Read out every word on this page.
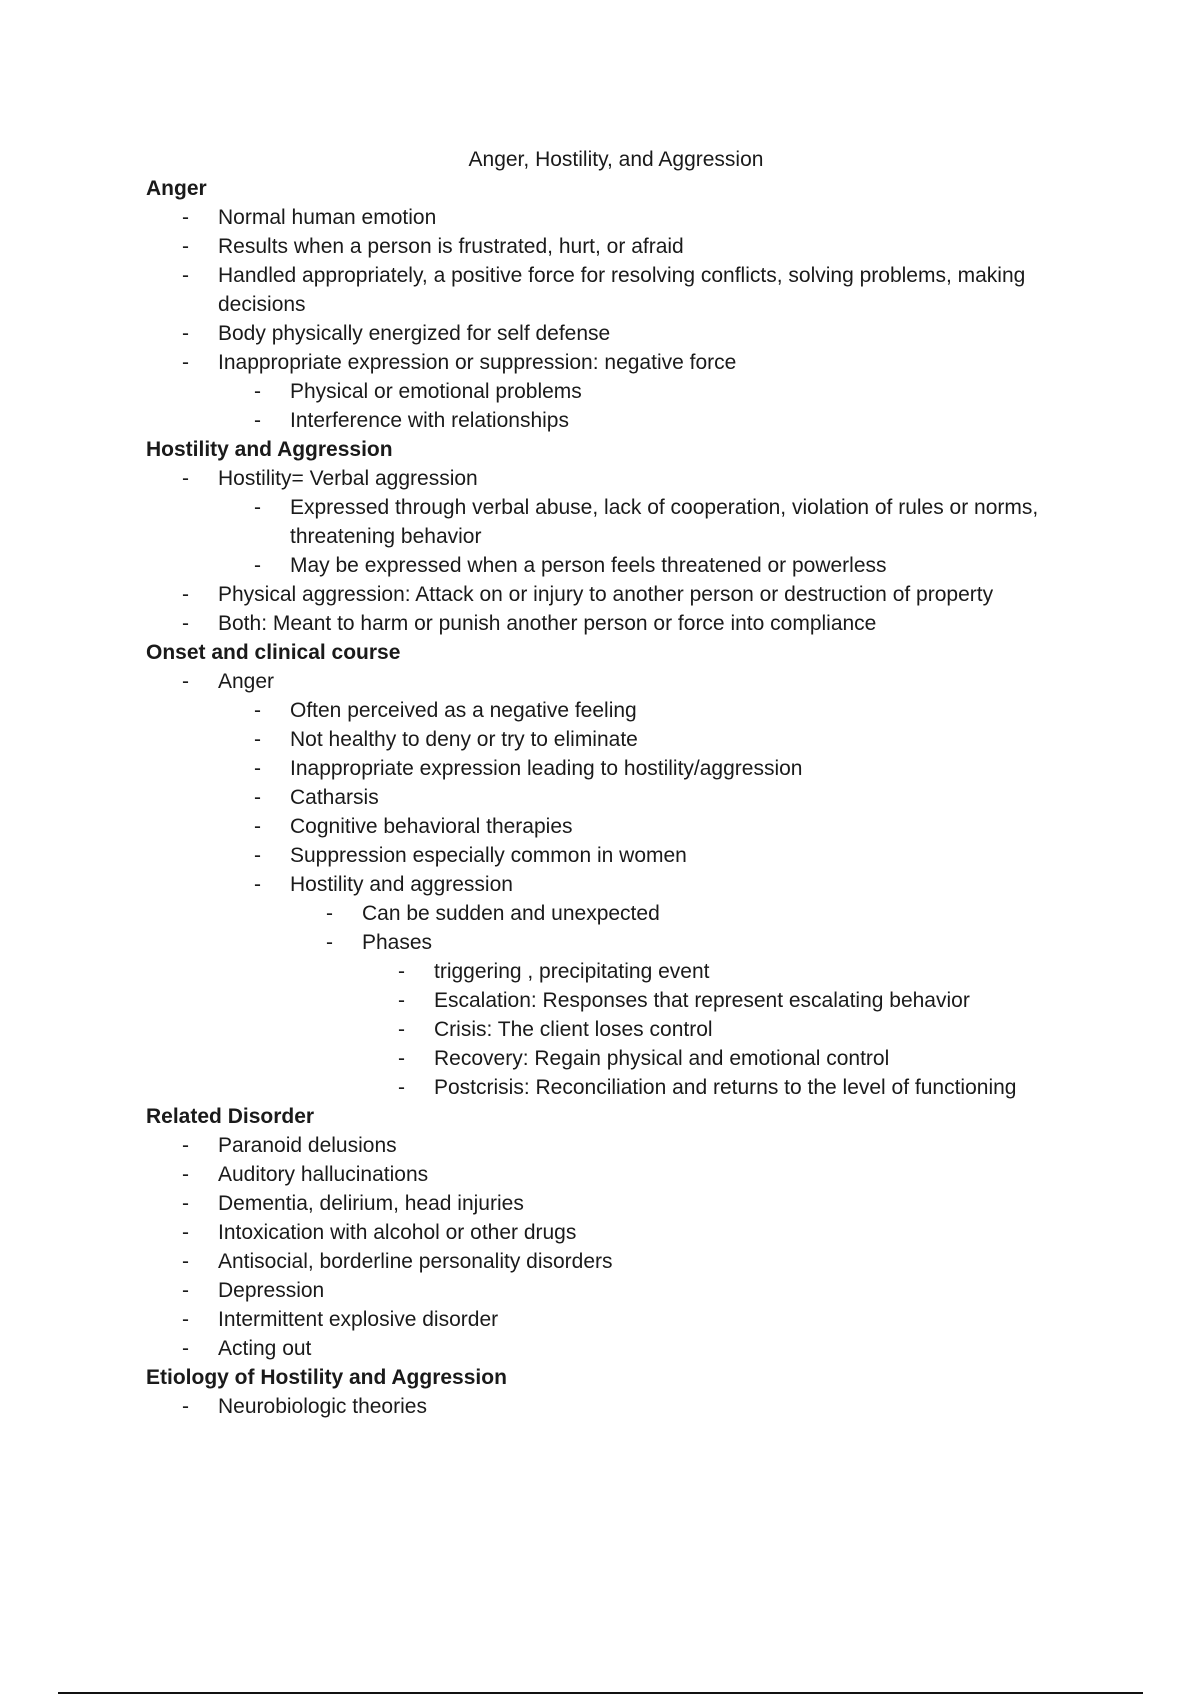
Anger, Hostility, and Aggression
Anger
- Normal human emotion
- Results when a person is frustrated, hurt, or afraid
- Handled appropriately, a positive force for resolving conflicts, solving problems, making decisions
- Body physically energized for self defense
- Inappropriate expression or suppression: negative force
- Physical or emotional problems
- Interference with relationships
Hostility and Aggression
- Hostility= Verbal aggression
- Expressed through verbal abuse, lack of cooperation, violation of rules or norms, threatening behavior
- May be expressed when a person feels threatened or powerless
- Physical aggression: Attack on or injury to another person or destruction of property
- Both: Meant to harm or punish another person or force into compliance
Onset and clinical course
- Anger
- Often perceived as a negative feeling
- Not healthy to deny or try to eliminate
- Inappropriate expression leading to hostility/aggression
- Catharsis
- Cognitive behavioral therapies
- Suppression especially common in women
- Hostility and aggression
- Can be sudden and unexpected
- Phases
- triggering , precipitating event
- Escalation: Responses that represent escalating behavior
- Crisis: The client loses control
- Recovery: Regain physical and emotional control
- Postcrisis: Reconciliation and returns to the level of functioning
Related Disorder
- Paranoid delusions
- Auditory hallucinations
- Dementia, delirium, head injuries
- Intoxication with alcohol or other drugs
- Antisocial, borderline personality disorders
- Depression
- Intermittent explosive disorder
- Acting out
Etiology of Hostility and Aggression
- Neurobiologic theories
